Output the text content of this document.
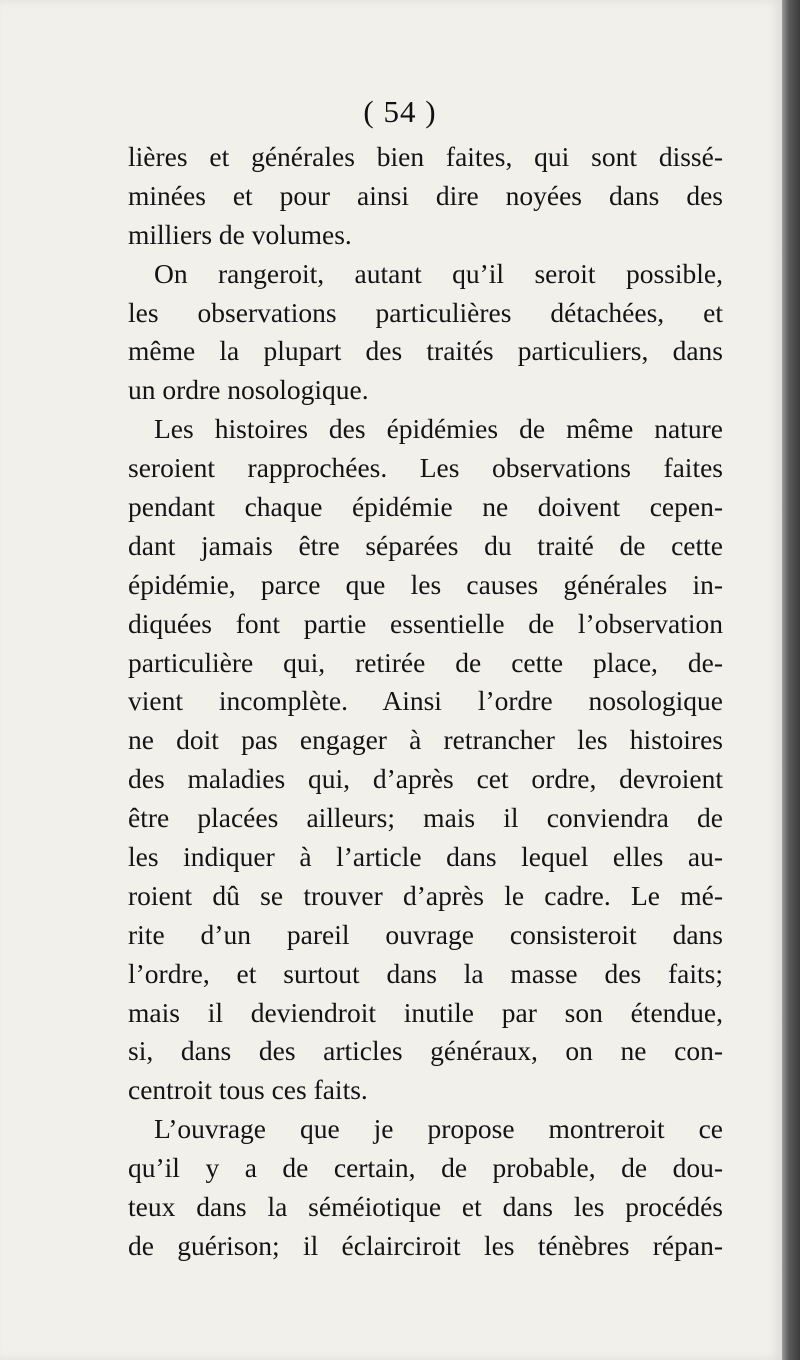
( 54 )
lières et générales bien faites, qui sont dissé-
minées et pour ainsi dire noyées dans des
milliers de volumes.
On rangeroit, autant qu’il seroit possible,
les observations particulières détachées, et
même la plupart des traités particuliers, dans
un ordre nosologique.
Les histoires des épidémies de même nature
seroient rapprochées. Les observations faites
pendant chaque épidémie ne doivent cepen-
dant jamais être séparées du traité de cette
épidémie, parce que les causes générales in-
diquées font partie essentielle de l’observation
particulière qui, retirée de cette place, de-
vient incomplète. Ainsi l’ordre nosologique
ne doit pas engager à retrancher les histoires
des maladies qui, d’après cet ordre, devroient
être placées ailleurs; mais il conviendra de
les indiquer à l’article dans lequel elles au-
roient dû se trouver d’après le cadre. Le mé-
rite d’un pareil ouvrage consisteroit dans
l’ordre, et surtout dans la masse des faits;
mais il deviendroit inutile par son étendue,
si, dans des articles généraux, on ne con-
centroit tous ces faits.
L’ouvrage que je propose montreroit ce
qu’il y a de certain, de probable, de dou-
teux dans la séméiotique et dans les procédés
de guérison; il éclairciroit les ténèbres répan-
